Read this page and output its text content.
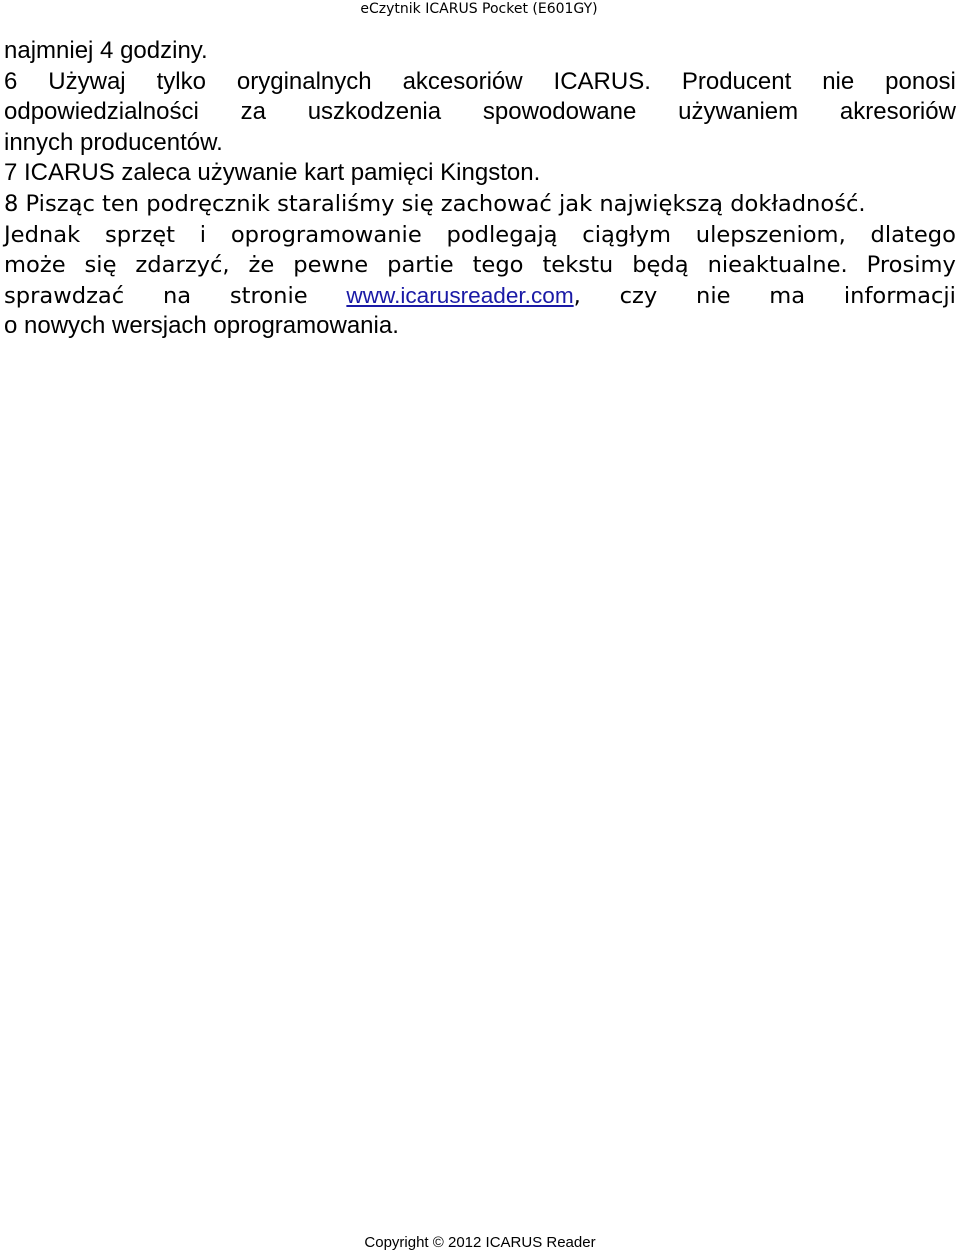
eCzytnik ICARUS Pocket (E601GY)
najmniej 4 godziny.
6 Używaj tylko oryginalnych akcesoriów ICARUS. Producent nie ponosi
odpowiedzialności za uszkodzenia spowodowane używaniem akresoriów
innych producentów.
7 ICARUS zaleca używanie kart pamięci Kingston.
8 Pisząc ten podręcznik staraliśmy się zachować jak największą dokładność.
Jednak sprzęt i oprogramowanie podlegają ciągłym ulepszeniom, dlatego
może się zdarzyć, że pewne partie tego tekstu będą nieaktualne. Prosimy
sprawdzać na stronie www.icarusreader.com, czy nie ma informacji
o nowych wersjach oprogramowania.
Copyright © 2012 ICARUS Reader
